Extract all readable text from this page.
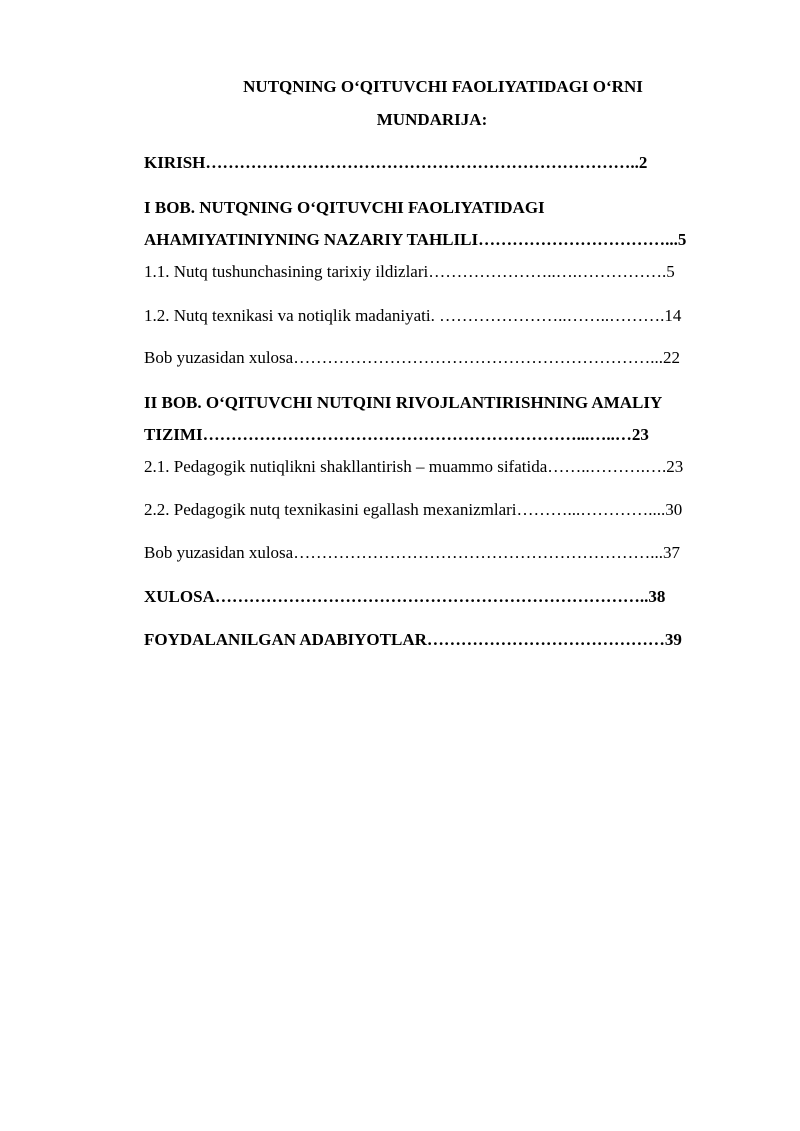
NUTQNING O‘QITUVCHI FAOLIYATIDAGI O‘RNI
MUNDARIJA:
KIRISH…………………………………………………………………..2
I BOB. NUTQNING O‘QITUVCHI FAOLIYATIDAGI
AHAMIYATINIYNING NAZARIY TAHLILI……………………………...5
1.1. Nutq tushunchasining tarixiy ildizlari…………………..….…………….5
1.2. Nutq texnikasi va notiqlik madaniyati. …………………..……..……….14
Bob yuzasidan xulosa………………………………………………………...22
II BOB. O‘QITUVCHI NUTQINI RIVOJLANTIRISHNING AMALIY
TIZIMI…………………………………………………………...…..…23
2.1. Pedagogik nutiqlikni shakllantirish – muammo sifatida……..……….….23
2.2. Pedagogik nutq texnikasini egallash mexanizmlari………...…………....30
Bob yuzasidan xulosa………………………………………………………...37
XULOSA…………………………………………………………………..38
FOYDALANILGAN ADABIYOTLAR……………………………………39
